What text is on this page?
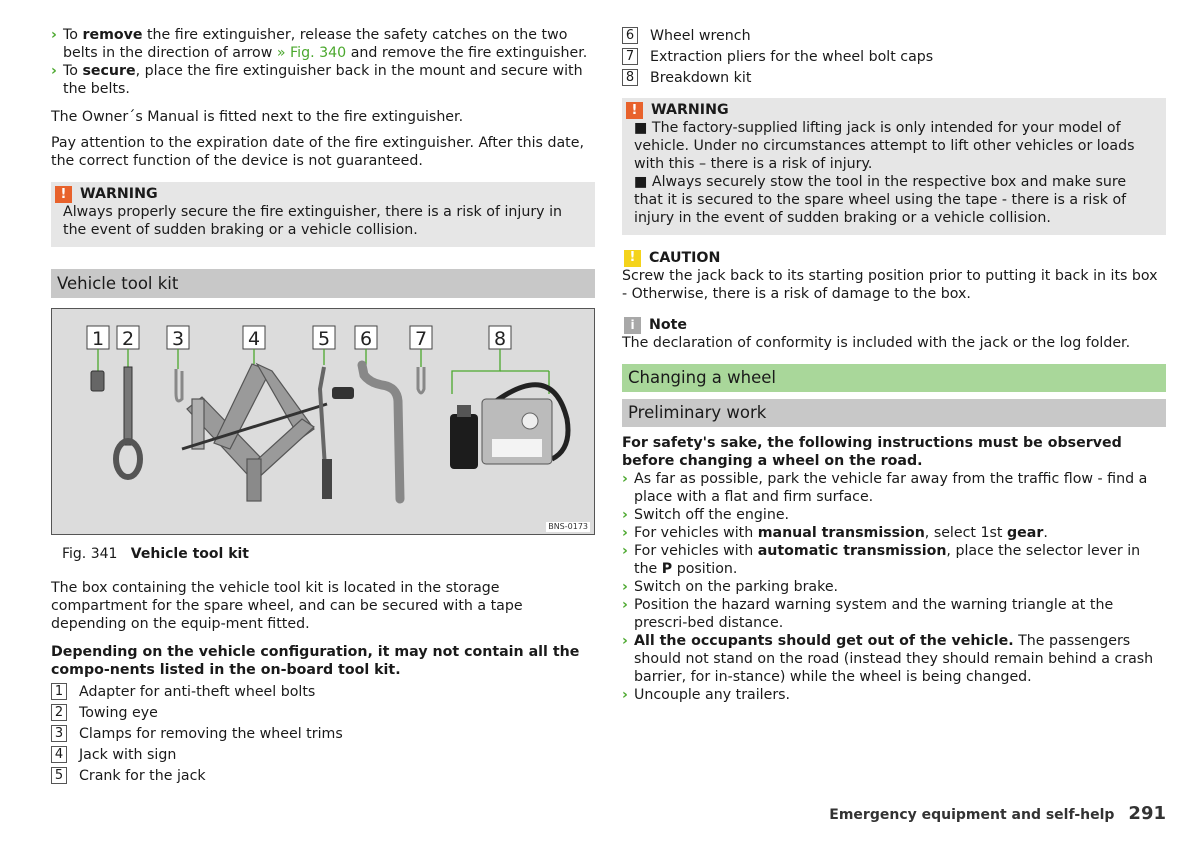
› To remove the fire extinguisher, release the safety catches on the two belts in the direction of arrow » Fig. 340 and remove the fire extinguisher.
› To secure, place the fire extinguisher back in the mount and secure with the belts.

The Owner´s Manual is fitted next to the fire extinguisher.

Pay attention to the expiration date of the fire extinguisher. After this date, the correct function of the device is not guaranteed.

! WARNING

Always properly secure the fire extinguisher, there is a risk of injury in the event of sudden braking or a vehicle collision.

Vehicle tool kit
1 2 3	4	5 6 7	8
BNS-0173

Fig. 341 Vehicle tool kit

The box containing the vehicle tool kit is located in the storage compartment for the spare wheel, and can be secured with a tape depending on the equip-ment fitted.

Depending on the vehicle configuration, it may not contain all the compo-nents listed in the on-board tool kit.

1 Adapter for anti-theft wheel bolts
2 Towing eye
3 Clamps for removing the wheel trims
4 Jack with sign
5 Crank for the jack
6 Wheel wrench
7 Extraction pliers for the wheel bolt caps
8 Breakdown kit
! WARNING

■ The factory-supplied lifting jack is only intended for your model of vehicle. Under no circumstances attempt to lift other vehicles or loads with this – there is a risk of injury.

■ Always securely stow the tool in the respective box and make sure that it is secured to the spare wheel using the tape - there is a risk of injury in the event of sudden braking or a vehicle collision.

! CAUTION

Screw the jack back to its starting position prior to putting it back in its box - Otherwise, there is a risk of damage to the box.

i	Note

The declaration of conformity is included with the jack or the log folder.

Changing a wheel
Preliminary work

For safety's sake, the following instructions must be observed before changing a wheel on the road.

› As far as possible, park the vehicle far away from the traffic flow - find a place with a flat and firm surface.
› Switch off the engine.
› For vehicles with manual transmission, select 1st gear.
› For vehicles with automatic transmission, place the selector lever in the P position.
› Switch on the parking brake.
› Position the hazard warning system and the warning triangle at the prescri-bed distance.
› All the occupants should get out of the vehicle. The passengers should not stand on the road (instead they should remain behind a crash barrier, for in-stance) while the wheel is being changed.
› Uncouple any trailers.
Emergency equipment and self-help 291
